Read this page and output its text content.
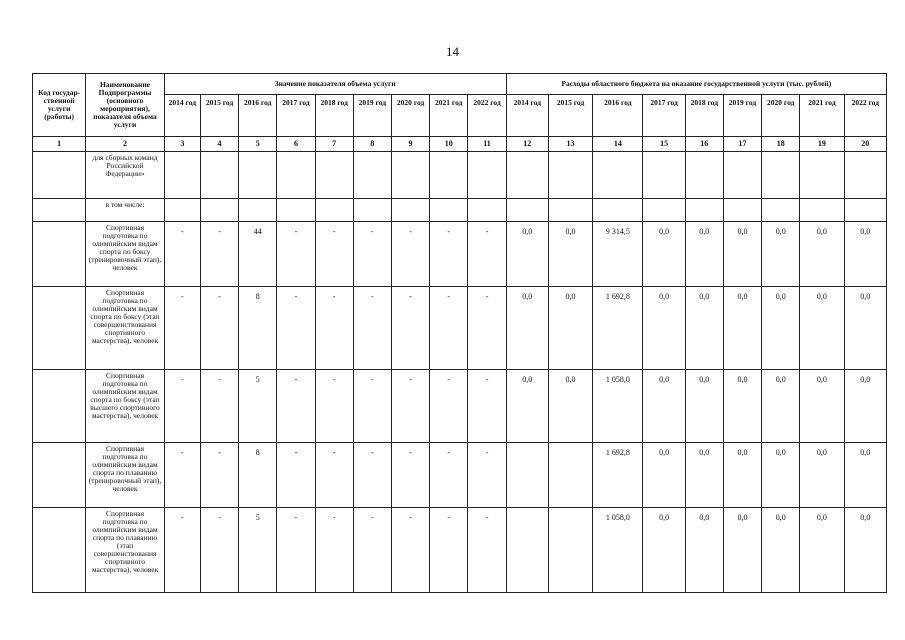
14
Код государ-ственной услуги (работы)	Наименование Подпрограммы (основного мероприятия), показателя объема услуги	Значение показателя объема услуги									Расходы областного бюджета на оказание государственной услуги (тыс. рублей)								
		2014 год	2015 год	2016 год	2017 год	2018 год	2019 год	2020 год	2021 год	2022 год	2014 год	2015 год	2016 год	2017 год	2018 год	2019 год	2020 год	2021 год	2022 год
1	2	3	4	5	6	7	8	9	10	11	12	13	14	15	16	17	18	19	20
	для сборных команд Российской Федерации»																		
	в том числе:																		
	Спортивная подготовка по олимпийским видам спорта по боксу (тренировочный этап), человек	-	-	44	-	-	-	-	-	-	0,0	0,0	9 314,5	0,0	0,0	0,0	0,0	0,0	0,0
	Спортивная подготовка по олимпийским видам спорта по боксу (этап совершенствования спортивного мастерства), человек	-	-	8	-	-	-	-	-	-	0,0	0,0	1 692,8	0,0	0,0	0,0	0,0	0,0	0,0
	Спортивная подготовка по олимпийским видам спорта по боксу (этап высшего спортивного мастерства), человек	-	-	5	-	-	-	-	-	-	0,0	0,0	1 058,0	0,0	0,0	0,0	0,0	0,0	0,0
	Спортивная подготовка по олимпийским видам спорта по плаванию (тренировочный этап), человек	-	-	8	-	-	-	-	-	-			1 692,8	0,0	0,0	0,0	0,0	0,0	0,0
	Спортивная подготовка по олимпийским видам спорта по плаванию (этап совершенствования спортивного мастерства), человек	-	-	5	-	-	-	-	-	-			1 058,0	0,0	0,0	0,0	0,0	0,0	0,0
